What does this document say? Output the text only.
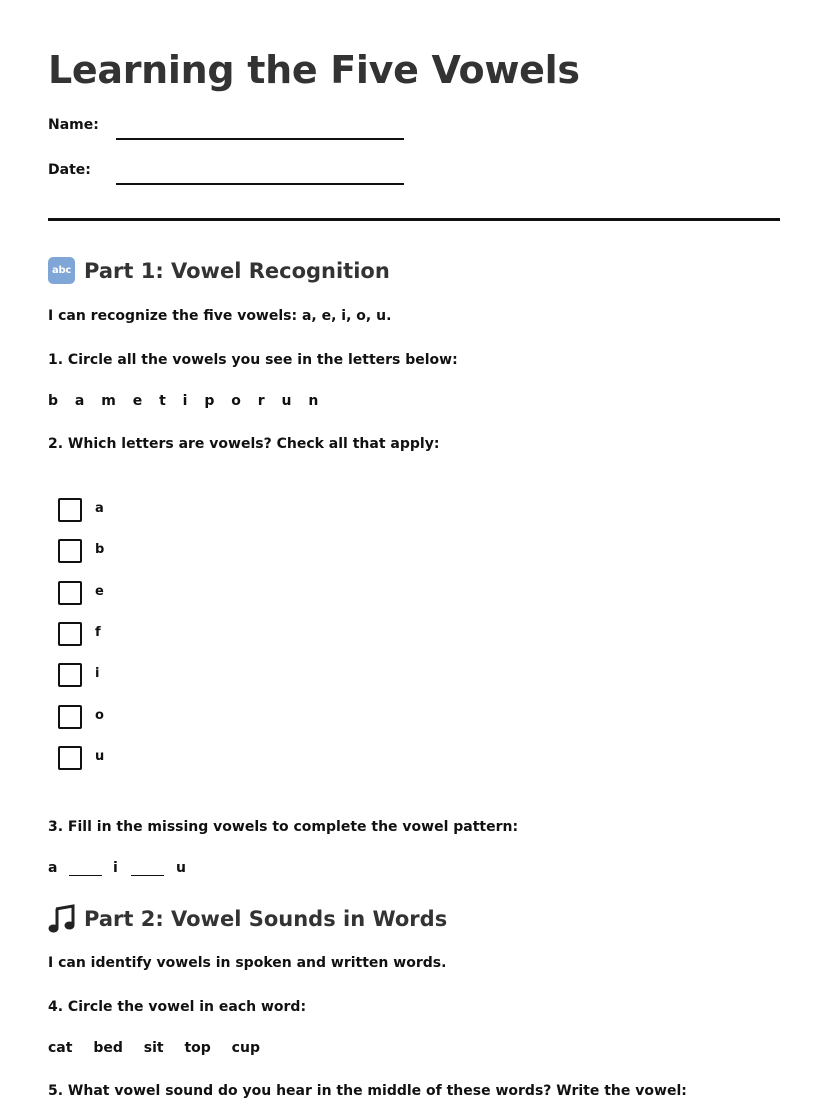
Learning the Five Vowels
Name:
Date:
abc Part 1: Vowel Recognition
I can recognize the five vowels: a, e, i, o, u.
1. Circle all the vowels you see in the letters below:
b a m e t i p o r u n
2. Which letters are vowels? Check all that apply:
a
b
e
f
i
o
u
3. Fill in the missing vowels to complete the vowel pattern:
a	i	u
Part 2: Vowel Sounds in Words
I can identify vowels in spoken and written words.
4. Circle the vowel in each word:
cat bed sit top cup
5. What vowel sound do you hear in the middle of these words? Write the vowel:
